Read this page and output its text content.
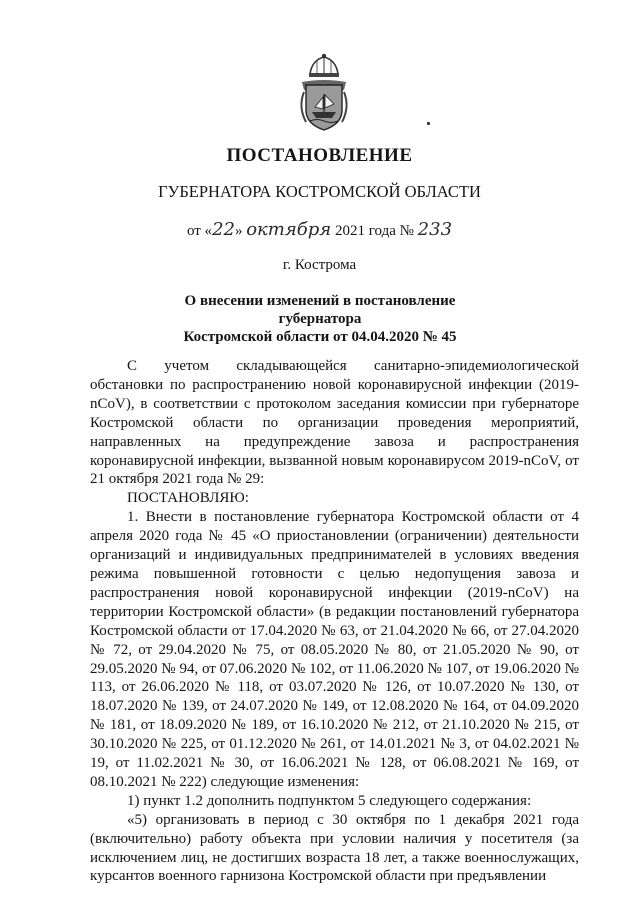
ПОСТАНОВЛЕНИЕ
ГУБЕРНАТОРА КОСТРОМСКОЙ ОБЛАСТИ
от «22» октября 2021 года № 233
г. Кострома
О внесении изменений в постановление губернатора
Костромской области от 04.04.2020 № 45

С учетом складывающейся санитарно-эпидемиологической обстановки по распространению новой коронавирусной инфекции (2019-nCoV), в соответствии с протоколом заседания комиссии при губернаторе Костромской области по организации проведения мероприятий, направленных на предупреждение завоза и распространения коронавирусной инфекции, вызванной новым коронавирусом 2019-nCoV, от 21 октября 2021 года № 29:

ПОСТАНОВЛЯЮ:

1. Внести в постановление губернатора Костромской области от 4 апреля 2020 года № 45 «О приостановлении (ограничении) деятельности организаций и индивидуальных предпринимателей в условиях введения режима повышенной готовности с целью недопущения завоза и распространения новой коронавирусной инфекции (2019-nCoV) на территории Костромской области» (в редакции постановлений губернатора Костромской области от 17.04.2020 № 63, от 21.04.2020 № 66, от 27.04.2020 № 72, от 29.04.2020 № 75, от 08.05.2020 № 80, от 21.05.2020 № 90, от 29.05.2020 № 94, от 07.06.2020 № 102, от 11.06.2020 № 107, от 19.06.2020 № 113, от 26.06.2020 № 118, от 03.07.2020 № 126, от 10.07.2020 № 130, от 18.07.2020 № 139, от 24.07.2020 № 149, от 12.08.2020 № 164, от 04.09.2020 № 181, от 18.09.2020 № 189, от 16.10.2020 № 212, от 21.10.2020 № 215, от 30.10.2020 № 225, от 01.12.2020 № 261, от 14.01.2021 № 3, от 04.02.2021 № 19, от 11.02.2021 № 30, от 16.06.2021 № 128, от 06.08.2021 № 169, от 08.10.2021 № 222) следующие изменения:

1) пункт 1.2 дополнить подпунктом 5 следующего содержания:

«5) организовать в период с 30 октября по 1 декабря 2021 года (включительно) работу объекта при условии наличия у посетителя (за исключением лиц, не достигших возраста 18 лет, а также военнослужащих, курсантов военного гарнизона Костромской области при предъявлении
